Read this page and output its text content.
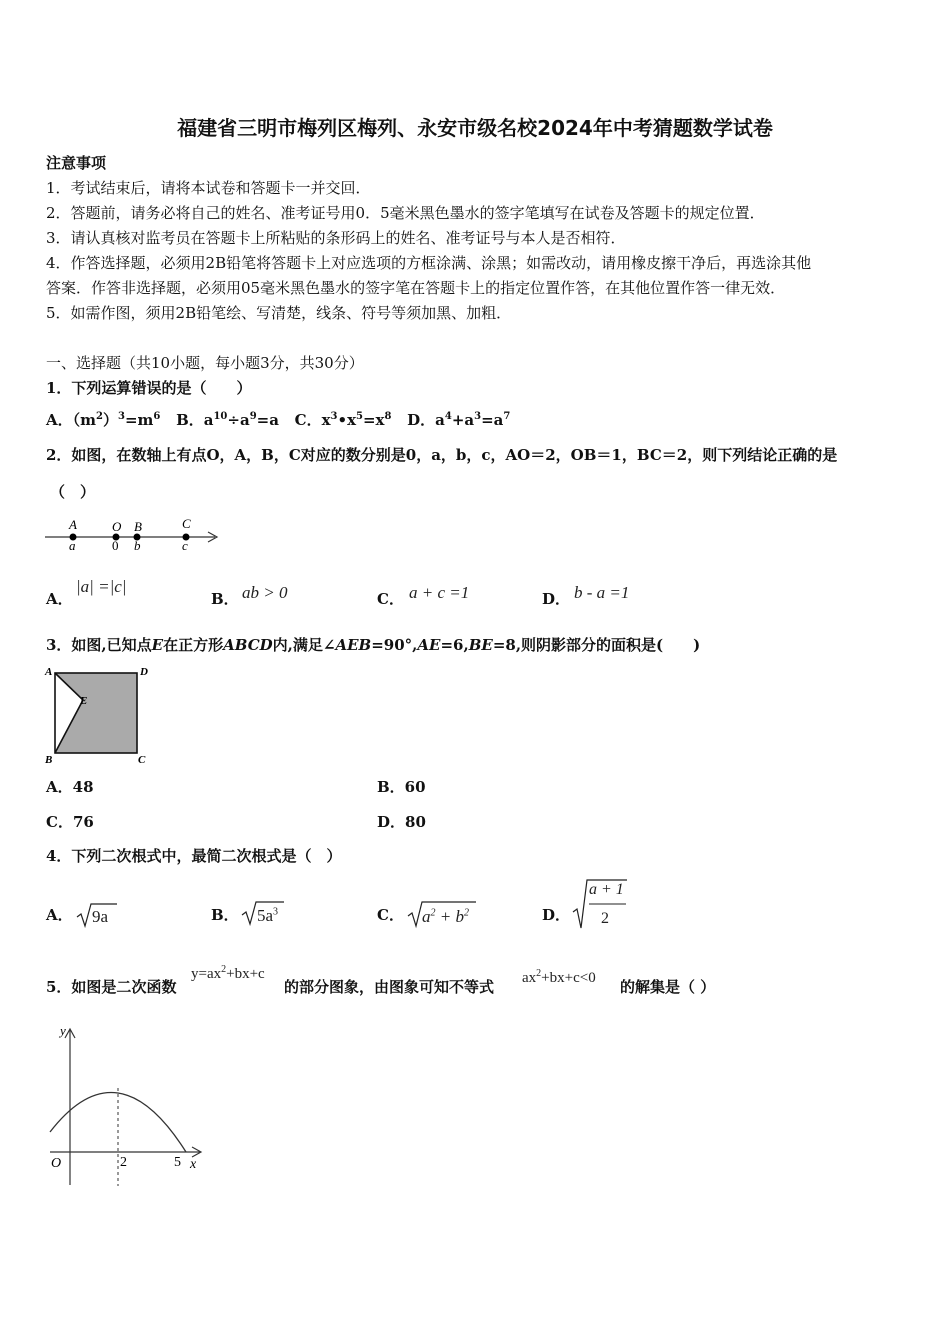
福建省三明市梅列区梅列、永安市级名校2024年中考猜题数学试卷
注意事项
1．考试结束后，请将本试卷和答题卡一并交回．
2．答题前，请务必将自己的姓名、准考证号用0．5毫米黑色墨水的签字笔填写在试卷及答题卡的规定位置．
3．请认真核对监考员在答题卡上所粘贴的条形码上的姓名、准考证号与本人是否相符．
4．作答选择题，必须用2B铅笔将答题卡上对应选项的方框涂满、涂黑；如需改动，请用橡皮擦干净后，再选涂其他
答案．作答非选择题，必须用05毫米黑色墨水的签字笔在答题卡上的指定位置作答，在其他位置作答一律无效．
5．如需作图，须用2B铅笔绘、写清楚，线条、符号等须加黑、加粗．
一、选择题（共10小题，每小题3分，共30分）
1．下列运算错误的是（　　）
A．$(m^2)^3=m^6$ B．$a^{10}\div a^9=a$ C．$x^3•x^5=x^8$ D．$a^4+a^3=a^7$
2．如图，在数轴上有点O，A，B，C对应的数分别是0，a，b，c，AO＝2，OB＝1，BC＝2，则下列结论正确的是
（　）
A	O B	C
a	0 b	c
A．
|a| =|c|
B． ab > 0	C． a + c =1	D． b - a =1
3．如图,已知点E在正方形ABCD内,满足∠AEB=90°,AE=6,BE=8,则阴影部分的面积是(　　)
A	D
E
B	C
A．48	B．60
C．76	D．80
4．下列二次根式中，最简二次根式是（　）
A． 9a	B． $5a^3$	C． $a^2 + b^2$	D．
a + 1
2
5．如图是二次函数
$y=ax^2+bx+c$
的部分图象，由图象可知不等式 $ax^2+bx+c<0$ 的解集是（ ）
y
O	2	5 x
